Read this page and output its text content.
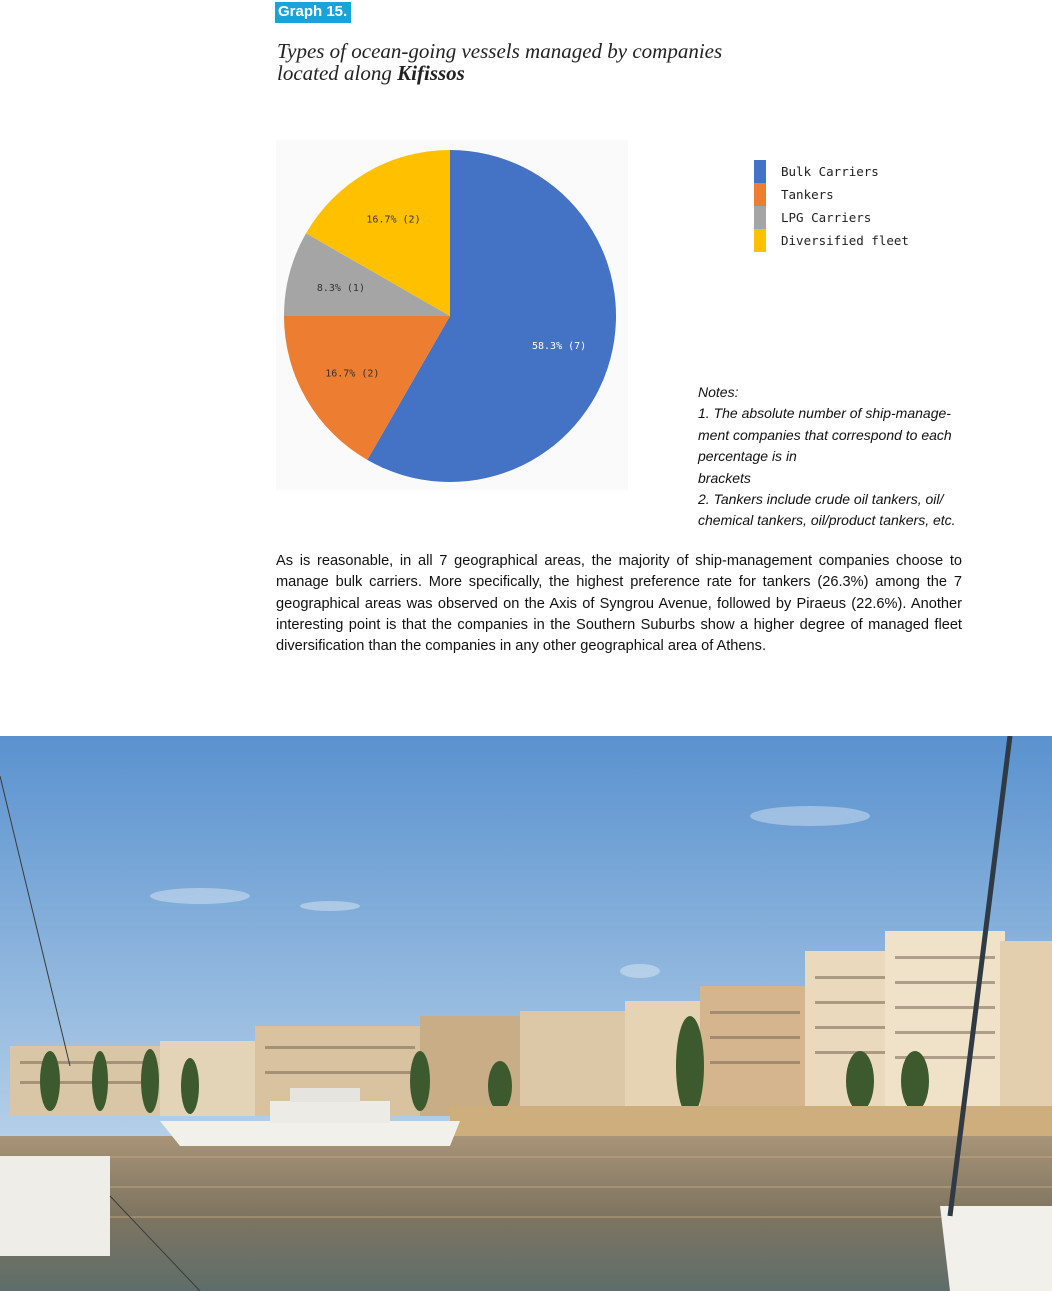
Graph 15.
Types of ocean-going vessels managed by companies
located along Kifissos
58.3% (7)
16.7% (2)
8.3% (1)
16.7% (2)
Bulk Carriers
Tankers
LPG Carriers
Diversified fleet
Notes:
1. The absolute number of ship-manage-
ment companies that correspond to each
percentage is in
brackets
2. Tankers include crude oil tankers, oil/
chemical tankers, oil/product tankers, etc.
As is reasonable, in all 7 geographical areas, the majority of ship-management companies choose to manage bulk carriers. More specifically, the highest preference rate for tankers (26.3%) among the 7 geographical areas was observed on the Axis of Syngrou Avenue, followed by Piraeus (22.6%). Another interesting point is that the companies in the Southern Suburbs show a higher degree of managed fleet diversification than the companies in any other geographical area of Athens.
